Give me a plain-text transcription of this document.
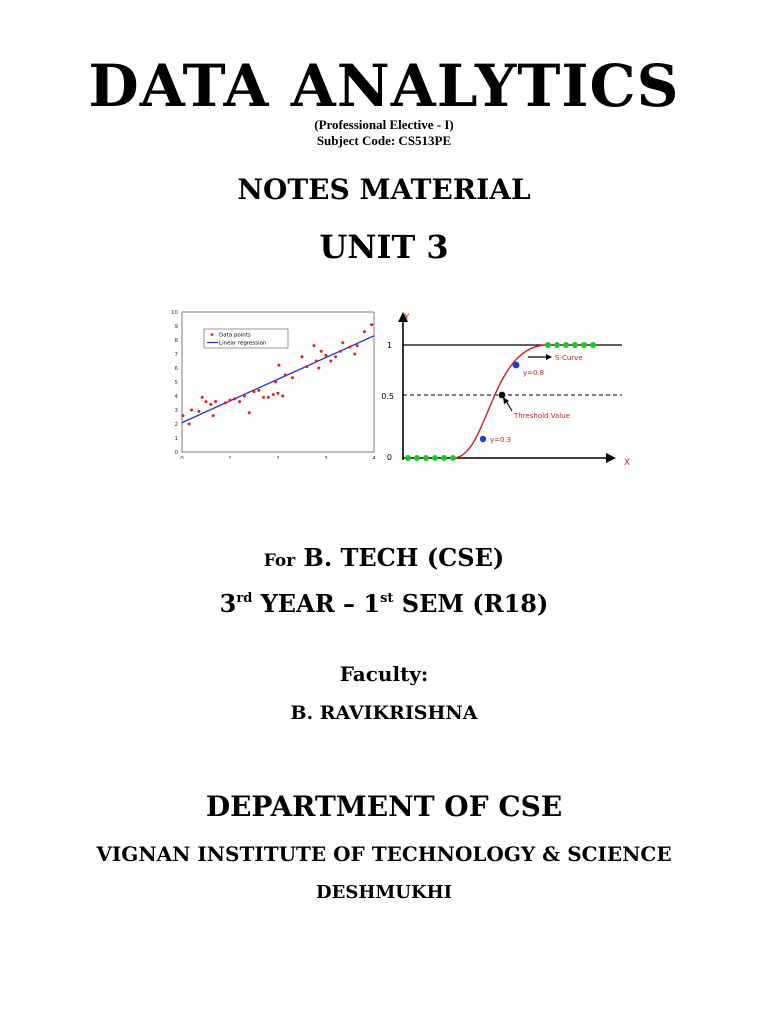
DATA ANALYTICS
(Professional Elective - I)
Subject Code: CS513PE
NOTES MATERIAL
UNIT 3
0
1
2
3
4
5
6
7
8
9
10
0	1	2	3	4
Data points
Linear regression
Y
X
1
0.5
0
y=0.8
y=0.3
S-Curve
Threshold Value
For B. TECH (CSE)
3rd YEAR – 1st SEM (R18)
Faculty:
B. RAVIKRISHNA
DEPARTMENT OF CSE
VIGNAN INSTITUTE OF TECHNOLOGY & SCIENCE
DESHMUKHI
